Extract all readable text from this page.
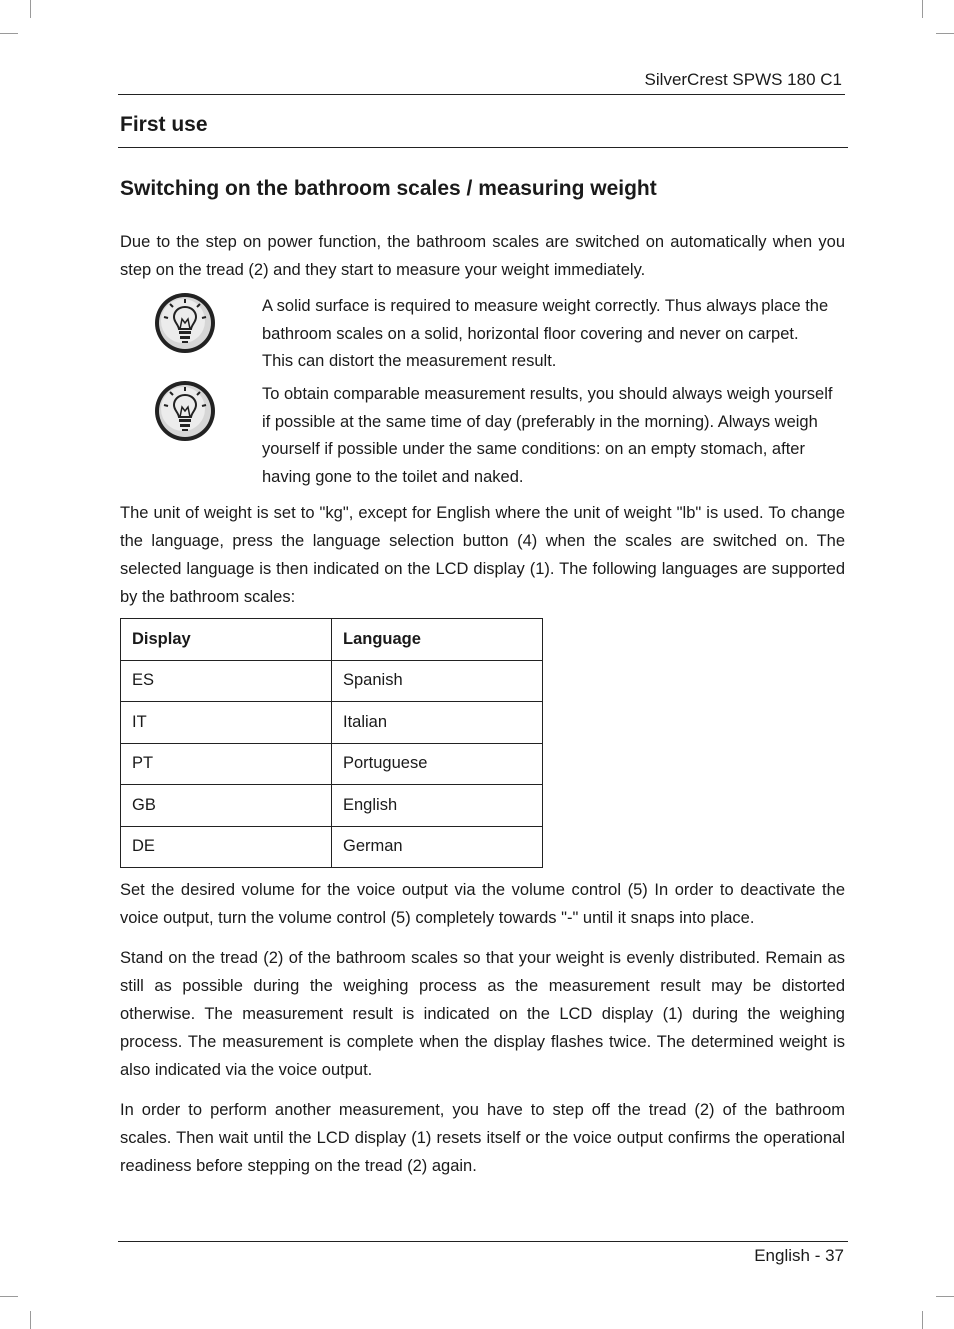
SilverCrest SPWS 180 C1
First use
Switching on the bathroom scales / measuring weight
Due to the step on power function, the bathroom scales are switched on automatically when you step on the tread (2) and they start to measure your weight immediately.
A solid surface is required to measure weight correctly. Thus always place the
bathroom scales on a solid, horizontal floor covering and never on carpet.
This can distort the measurement result.
To obtain comparable measurement results, you should always weigh yourself
if possible at the same time of day (preferably in the morning). Always weigh
yourself if possible under the same conditions: on an empty stomach, after
having gone to the toilet and naked.
The unit of weight is set to "kg", except for English where the unit of weight "lb" is used. To change the language, press the language selection button (4) when the scales are switched on. The selected language is then indicated on the LCD display (1). The following languages are supported by the bathroom scales:
Display	Language
ES	Spanish
IT	Italian
PT	Portuguese
GB	English
DE	German
Set the desired volume for the voice output via the volume control (5) In order to deactivate the voice output, turn the volume control (5) completely towards "-" until it snaps into place.
Stand on the tread (2) of the bathroom scales so that your weight is evenly distributed. Remain as still as possible during the weighing process as the measurement result may be distorted otherwise. The measurement result is indicated on the LCD display (1) during the weighing process. The measurement is complete when the display flashes twice. The determined weight is also indicated via the voice output.
In order to perform another measurement, you have to step off the tread (2) of the bathroom scales. Then wait until the LCD display (1) resets itself or the voice output confirms the operational readiness before stepping on the tread (2) again.
English - 37
